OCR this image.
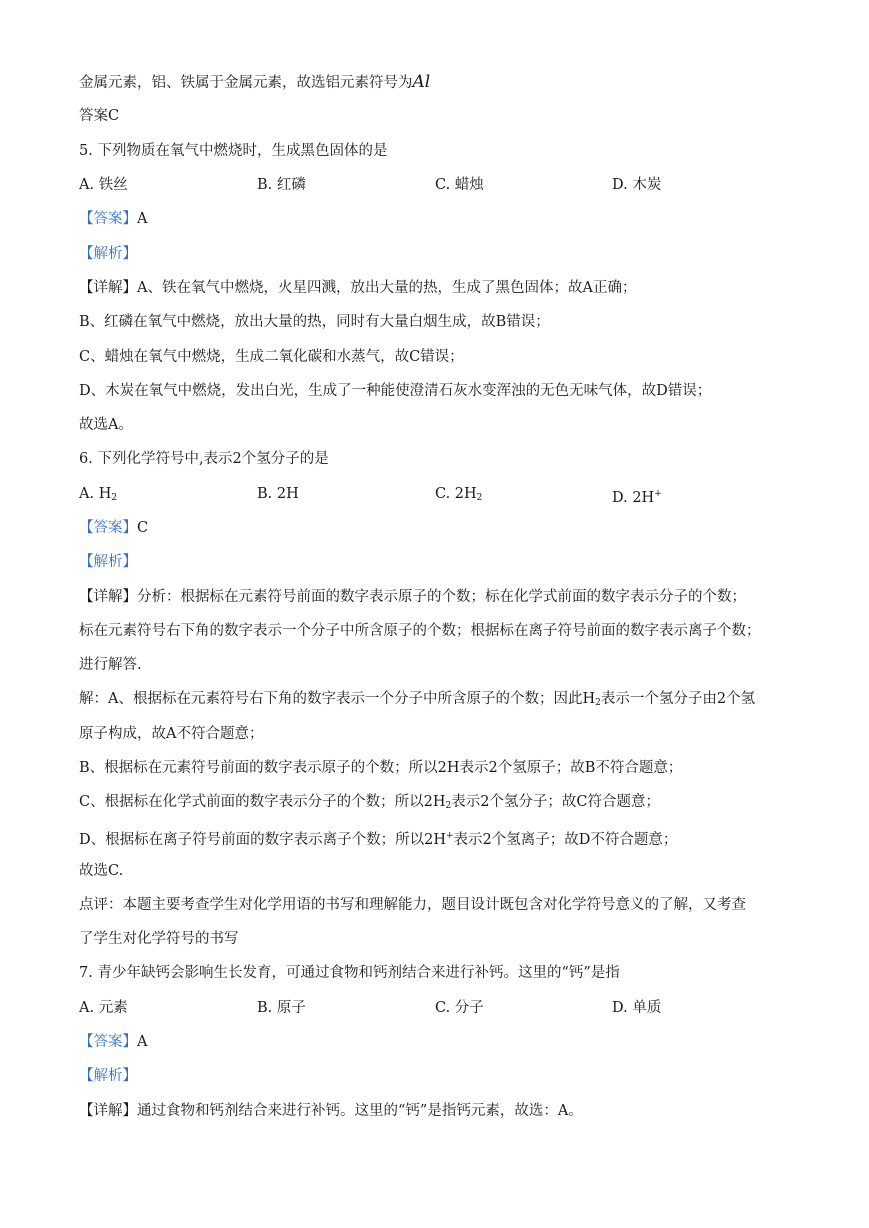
金属元素，铝、铁属于金属元素，故选铝元素符号为Al
答案C
5. 下列物质在氧气中燃烧时，生成黑色固体的是
A. 铁丝	B. 红磷	C. 蜡烛	D. 木炭
【答案】A
【解析】
【详解】A、铁在氧气中燃烧，火星四溅，放出大量的热，生成了黑色固体；故A正确；
B、红磷在氧气中燃烧，放出大量的热，同时有大量白烟生成，故B错误；
C、蜡烛在氧气中燃烧，生成二氧化碳和水蒸气，故C错误；
D、木炭在氧气中燃烧，发出白光，生成了一种能使澄清石灰水变浑浊的无色无味气体，故D错误；
故选A。
6. 下列化学符号中,表示2个氢分子的是
A. $H_2$	B. 2H	C. $2H_2$	D. 2H+
【答案】C
【解析】
【详解】分析：根据标在元素符号前面的数字表示原子的个数；标在化学式前面的数字表示分子的个数；
标在元素符号右下角的数字表示一个分子中所含原子的个数；根据标在离子符号前面的数字表示离子个数；
进行解答.
解：A、根据标在元素符号右下角的数字表示一个分子中所含原子的个数；因此$H_2$表示一个氢分子由2个氢
原子构成，故A不符合题意；
B、根据标在元素符号前面的数字表示原子的个数；所以2H表示2个氢原子；故B不符合题意；
C、根据标在化学式前面的数字表示分子的个数；所以$2H_2$表示2个氢分子；故C符合题意；
D、根据标在离子符号前面的数字表示离子个数；所以2H+表示2个氢离子；故D不符合题意；
故选C.
点评：本题主要考查学生对化学用语的书写和理解能力，题目设计既包含对化学符号意义的了解，又考查
了学生对化学符号的书写
7. 青少年缺钙会影响生长发育，可通过食物和钙剂结合来进行补钙。这里的“钙”是指
A. 元素	B. 原子	C. 分子	D. 单质
【答案】A
【解析】
【详解】通过食物和钙剂结合来进行补钙。这里的“钙”是指钙元素，故选：A。
